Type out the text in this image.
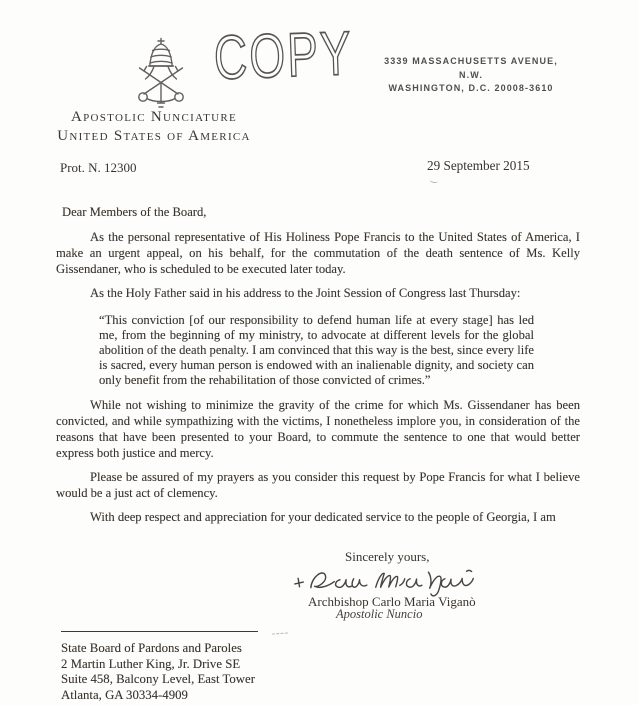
COPY	3339 MASSACHUSETTS AVENUE, N.W.
WASHINGTON, D.C. 20008-3610
Apostolic Nunciature
United States of America
Prot. N. 12300	29 September 2015

Dear Members of the Board,

As the personal representative of His Holiness Pope Francis to the United States of America, I make an urgent appeal, on his behalf, for the commutation of the death sentence of Ms. Kelly Gissendaner, who is scheduled to be executed later today.

As the Holy Father said in his address to the Joint Session of Congress last Thursday:

“This conviction [of our responsibility to defend human life at every stage] has led me, from the beginning of my ministry, to advocate at different levels for the global abolition of the death penalty. I am convinced that this way is the best, since every life is sacred, every human person is endowed with an inalienable dignity, and society can only benefit from the rehabilitation of those convicted of crimes.”

While not wishing to minimize the gravity of the crime for which Ms. Gissendaner has been convicted, and while sympathizing with the victims, I nonetheless implore you, in consideration of the reasons that have been presented to your Board, to commute the sentence to one that would better express both justice and mercy.

Please be assured of my prayers as you consider this request by Pope Francis for what I believe would be a just act of clemency.

With deep respect and appreciation for your dedicated service to the people of Georgia, I am

Sincerely yours,
Archbishop Carlo Maria Viganò
Apostolic Nuncio
State Board of Pardons and Paroles
2 Martin Luther King, Jr. Drive SE
Suite 458, Balcony Level, East Tower
Atlanta, GA 30334-4909
